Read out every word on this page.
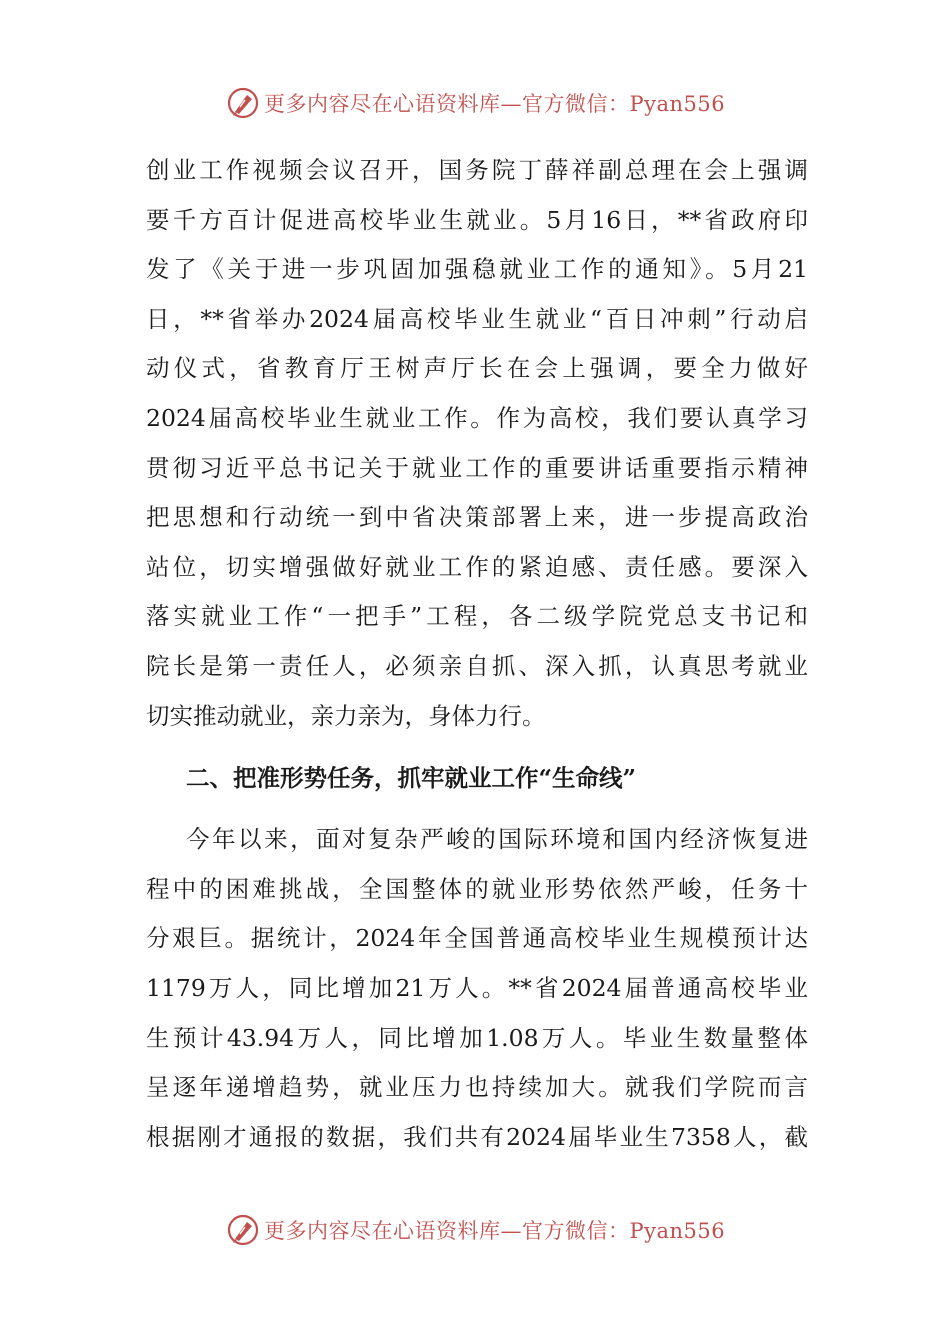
更多内容尽在心语资料库—官方微信：Pyan556
创业工作视频会议召开，国务院丁薛祥副总理在会上强调
要千方百计促进高校毕业生就业。5月16日，**省政府印
发了《关于进一步巩固加强稳就业工作的通知》。5月21
日，**省举办2024届高校毕业生就业“百日冲刺”行动启
动仪式，省教育厅王树声厅长在会上强调，要全力做好
2024届高校毕业生就业工作。作为高校，我们要认真学习
贯彻习近平总书记关于就业工作的重要讲话重要指示精神
把思想和行动统一到中省决策部署上来，进一步提高政治
站位，切实增强做好就业工作的紧迫感、责任感。要深入
落实就业工作“一把手”工程，各二级学院党总支书记和
院长是第一责任人，必须亲自抓、深入抓，认真思考就业
切实推动就业，亲力亲为，身体力行。
二、把准形势任务，抓牢就业工作“生命线”
今年以来，面对复杂严峻的国际环境和国内经济恢复进
程中的困难挑战，全国整体的就业形势依然严峻，任务十
分艰巨。据统计，2024年全国普通高校毕业生规模预计达
1179万人，同比增加21万人。**省2024届普通高校毕业
生预计43.94万人，同比增加1.08万人。毕业生数量整体
呈逐年递增趋势，就业压力也持续加大。就我们学院而言
根据刚才通报的数据，我们共有2024届毕业生7358人，截
更多内容尽在心语资料库—官方微信：Pyan556
